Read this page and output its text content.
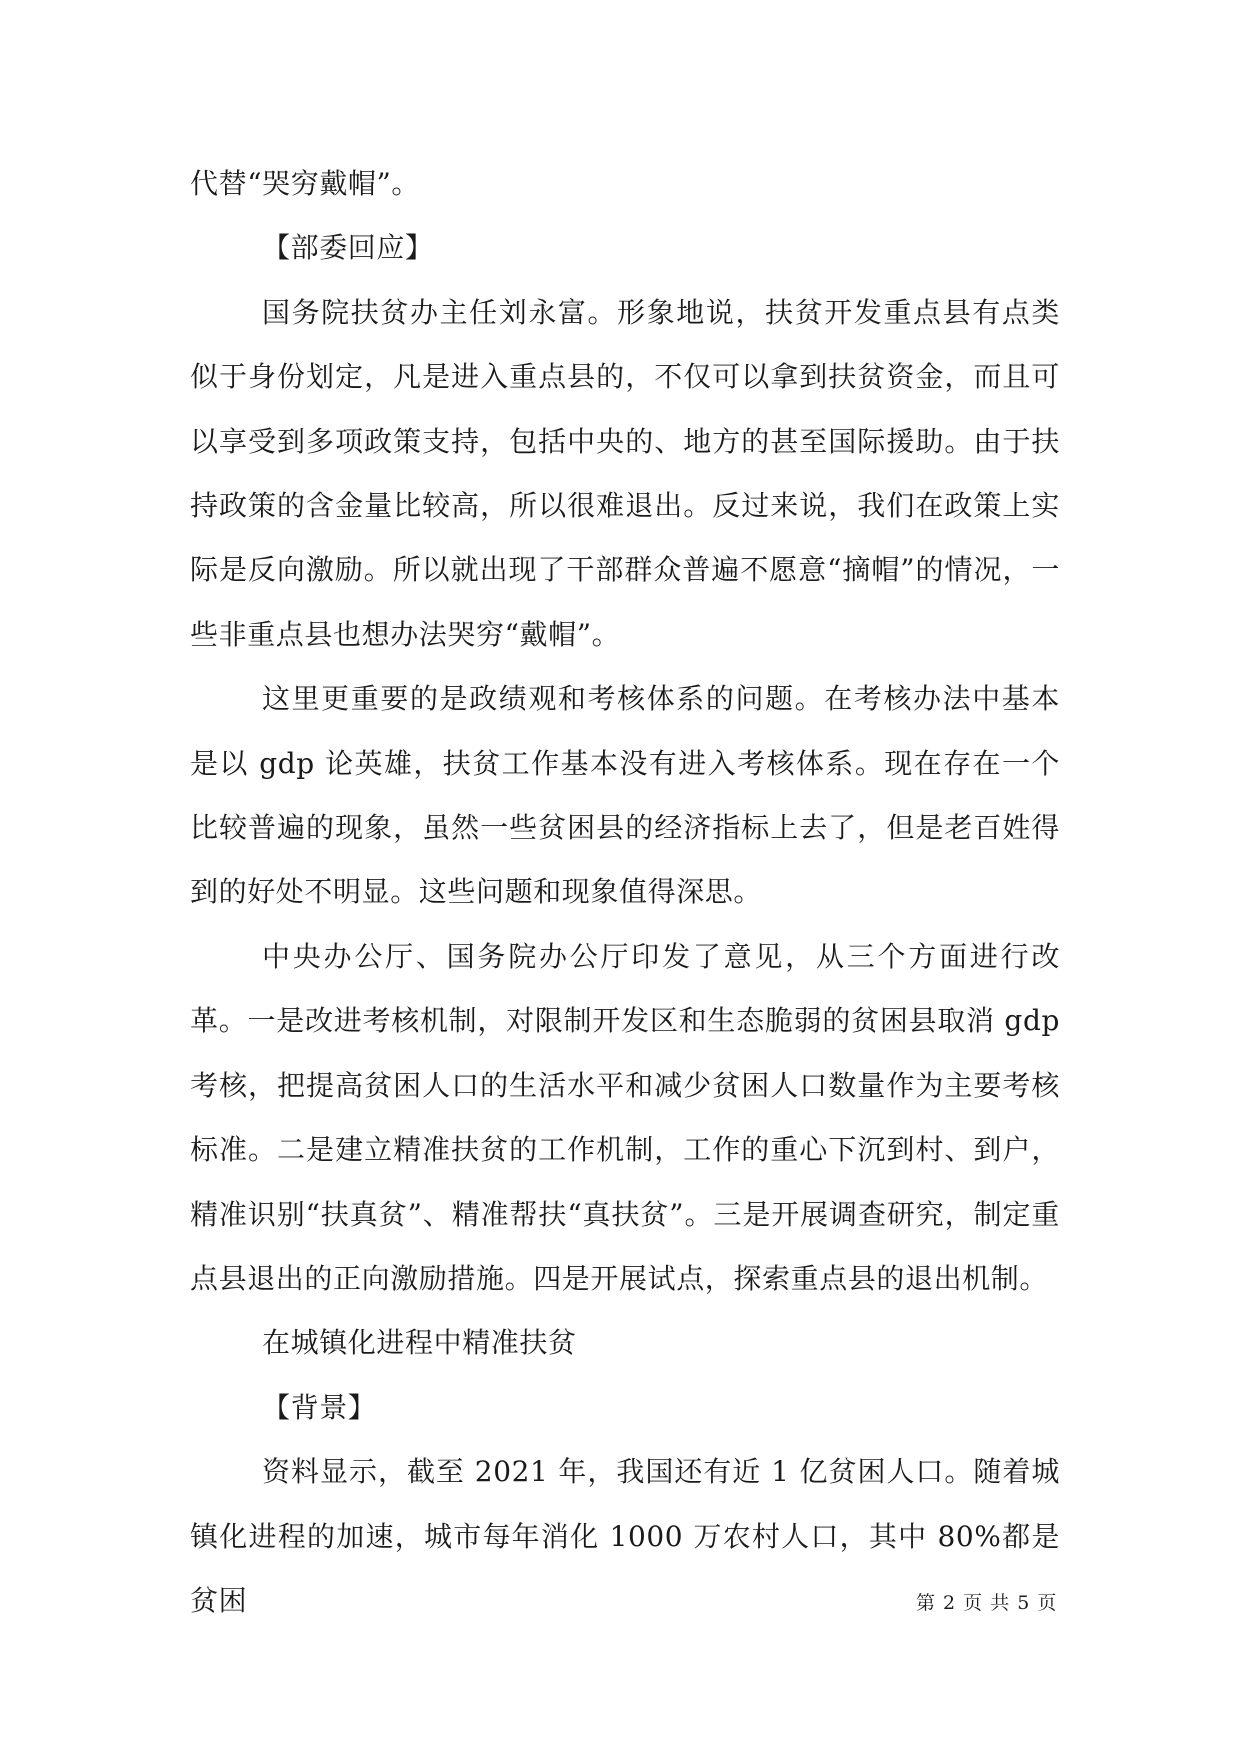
代替“哭穷戴帽”。

【部委回应】

国务院扶贫办主任刘永富。形象地说，扶贫开发重点县有点类似于身份划定，凡是进入重点县的，不仅可以拿到扶贫资金，而且可以享受到多项政策支持，包括中央的、地方的甚至国际援助。由于扶持政策的含金量比较高，所以很难退出。反过来说，我们在政策上实际是反向激励。所以就出现了干部群众普遍不愿意“摘帽”的情况，一些非重点县也想办法哭穷“戴帽”。

这里更重要的是政绩观和考核体系的问题。在考核办法中基本是以 gdp 论英雄，扶贫工作基本没有进入考核体系。现在存在一个比较普遍的现象，虽然一些贫困县的经济指标上去了，但是老百姓得到的好处不明显。这些问题和现象值得深思。

中央办公厅、国务院办公厅印发了意见，从三个方面进行改革。一是改进考核机制，对限制开发区和生态脆弱的贫困县取消 gdp 考核，把提高贫困人口的生活水平和减少贫困人口数量作为主要考核标准。二是建立精准扶贫的工作机制，工作的重心下沉到村、到户，精准识别“扶真贫”、精准帮扶“真扶贫”。三是开展调查研究，制定重点县退出的正向激励措施。四是开展试点，探索重点县的退出机制。

在城镇化进程中精准扶贫

【背景】

资料显示，截至 2021 年，我国还有近 1 亿贫困人口。随着城镇化进程的加速，城市每年消化 1000 万农村人口，其中 80%都是贫困	第 2 页 共 5 页
